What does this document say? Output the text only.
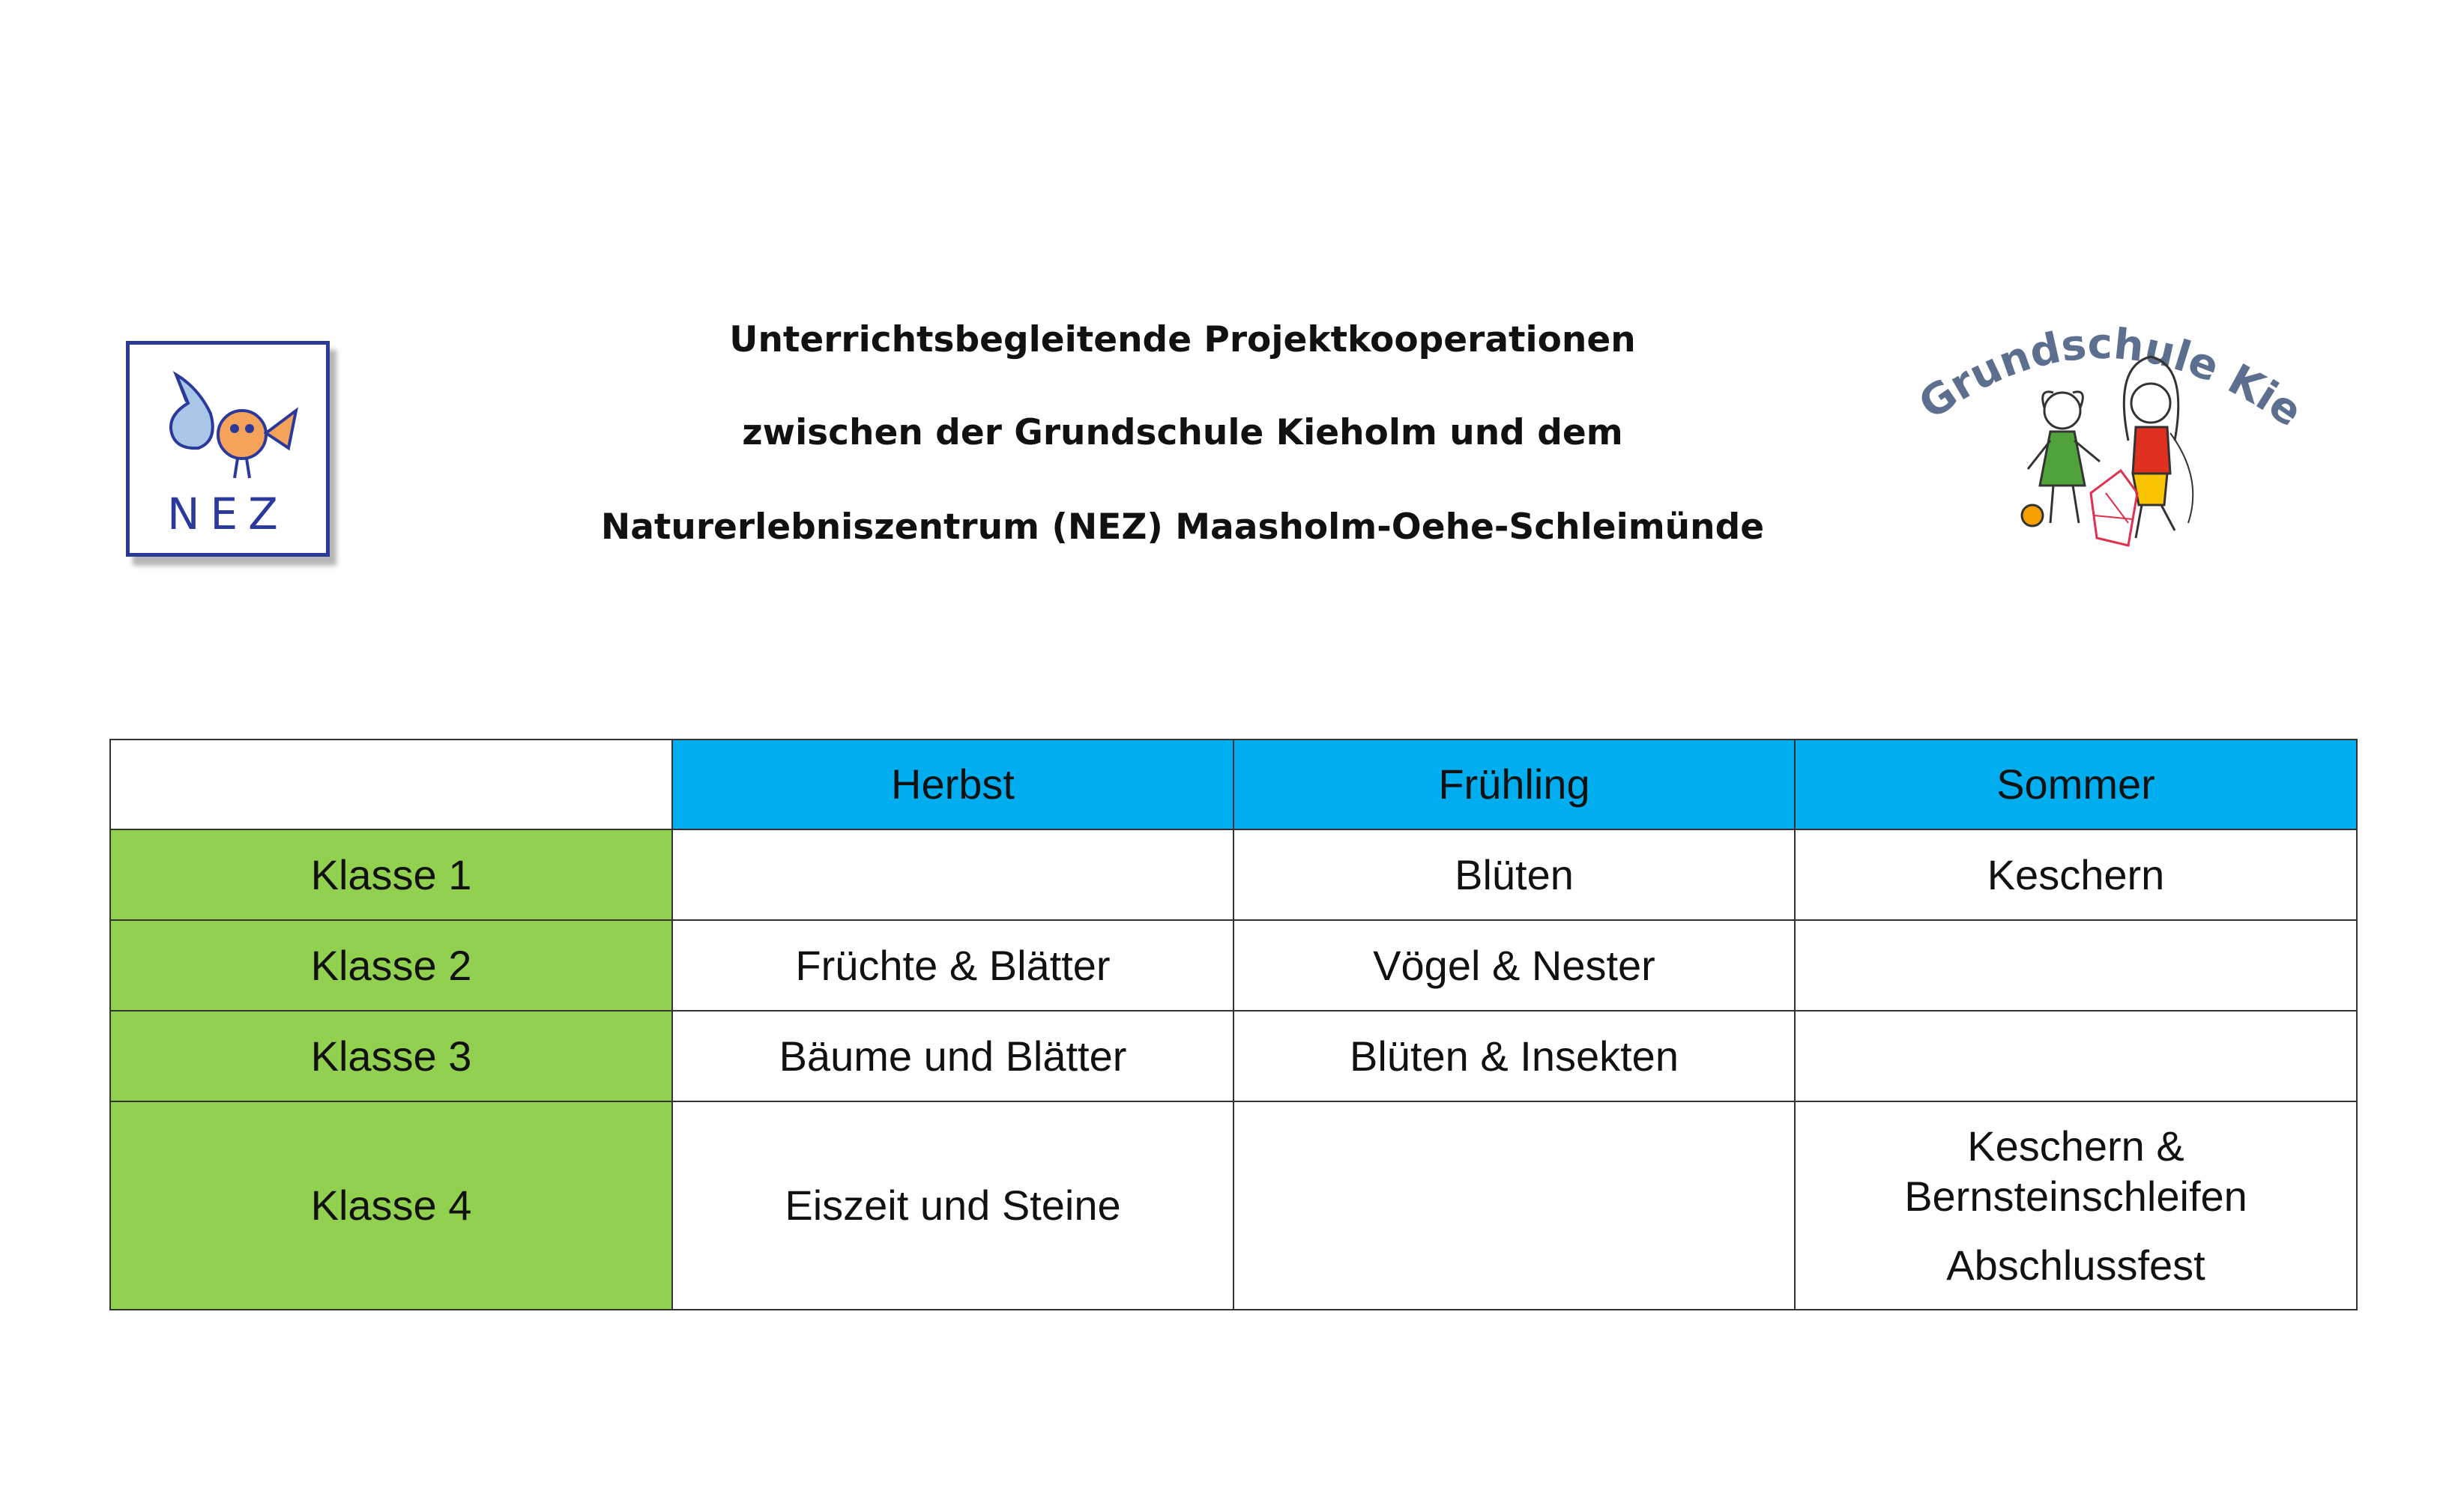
Unterrichtsbegleitende Projektkooperationen
zwischen der Grundschule Kieholm und dem
Naturerlebniszentrum (NEZ) Maasholm-Oehe-Schleimünde
NEZ
Grundschule Kie
	Herbst	Frühling	Sommer
Klasse 1		Blüten	Keschern
Klasse 2	Früchte & Blätter	Vögel & Nester	
Klasse 3	Bäume und Blätter	Blüten & Insekten	
Klasse 4	Eiszeit und Steine		Keschern &
Bernsteinschleifen
Abschlussfest
